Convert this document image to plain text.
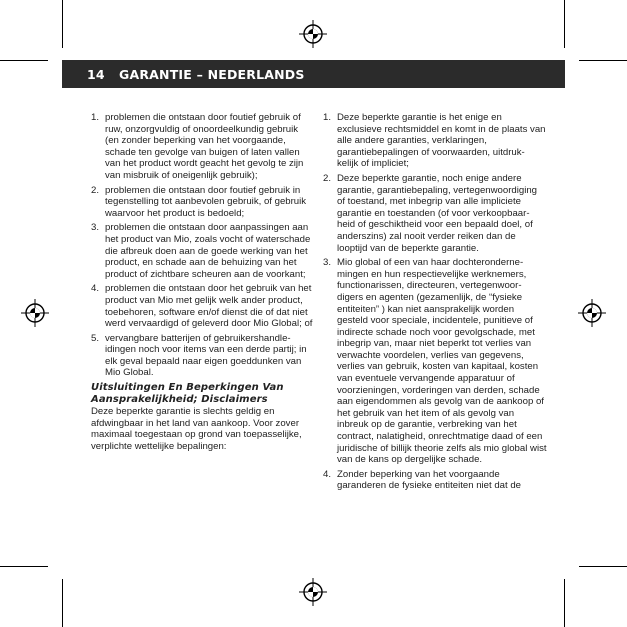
14	GARANTIE – NEDERLANDS
1. problemen die ontstaan door foutief gebruik of ruw, onzorgvuldig of onoordeelkundig gebruik (en zonder beperking van het voorgaande, schade ten gevolge van buigen of laten vallen van het product wordt geacht het gevolg te zijn van misbruik of oneigenlijk gebruik);
2. problemen die ontstaan door foutief gebruik in tegenstelling tot aanbevolen gebruik, of gebruik waarvoor het product is bedoeld;
3. problemen die ontstaan door aanpassingen aan het product van Mio, zoals vocht of waterschade die afbreuk doen aan de goede werking van het product, en schade aan de behuizing van het product of zichtbare scheuren aan de voorkant;
4. problemen die ontstaan door het gebruik van het product van Mio met gelijk welk ander product, toebehoren, software en/of dienst die of dat niet werd vervaardigd of geleverd door Mio Global; of
5. vervangbare batterijen of gebruikershandle- idingen noch voor items van een derde partij; in elk geval bepaald naar eigen goeddunken van Mio Global.
Uitsluitingen En Beperkingen Van Aansprakelijkheid; Disclaimers

Deze beperkte garantie is slechts geldig en afdwingbaar in het land van aankoop. Voor zover maximaal toegestaan op grond van toepasselijke, verplichte wettelijke bepalingen:

1. Deze beperkte garantie is het enige en exclusieve rechtsmiddel en komt in de plaats van alle andere garanties, verklaringen, garantiebepalingen of voorwaarden, uitdruk- kelijk of impliciet;
2. Deze beperkte garantie, noch enige andere garantie, garantiebepaling, vertegenwoordiging of toestand, met inbegrip van alle impliciete garantie en toestanden (of voor verkoopbaar- heid of geschiktheid voor een bepaald doel, of anderszins) zal nooit verder reiken dan de looptijd van de beperkte garantie.
3. Mio global of een van haar dochteronderne- mingen en hun respectievelijke werknemers, functionarissen, directeuren, vertegenwoor- digers en agenten (gezamenlijk, de “fysieke entiteiten” ) kan niet aansprakelijk worden gesteld voor speciale, incidentele, punitieve of indirecte schade noch voor gevolgschade, met inbegrip van, maar niet beperkt tot verlies van verwachte voordelen, verlies van gegevens, verlies van gebruik, kosten van kapitaal, kosten van eventuele vervangende apparatuur of voorzieningen, vorderingen van derden, schade aan eigendommen als gevolg van de aankoop of het gebruik van het item of als gevolg van inbreuk op de garantie, verbreking van het contract, nalatigheid, onrechtmatige daad of een juridische of billijk theorie zelfs als mio global wist van de kans op dergelijke schade.
4. Zonder beperking van het voorgaande garanderen de fysieke entiteiten niet dat de
